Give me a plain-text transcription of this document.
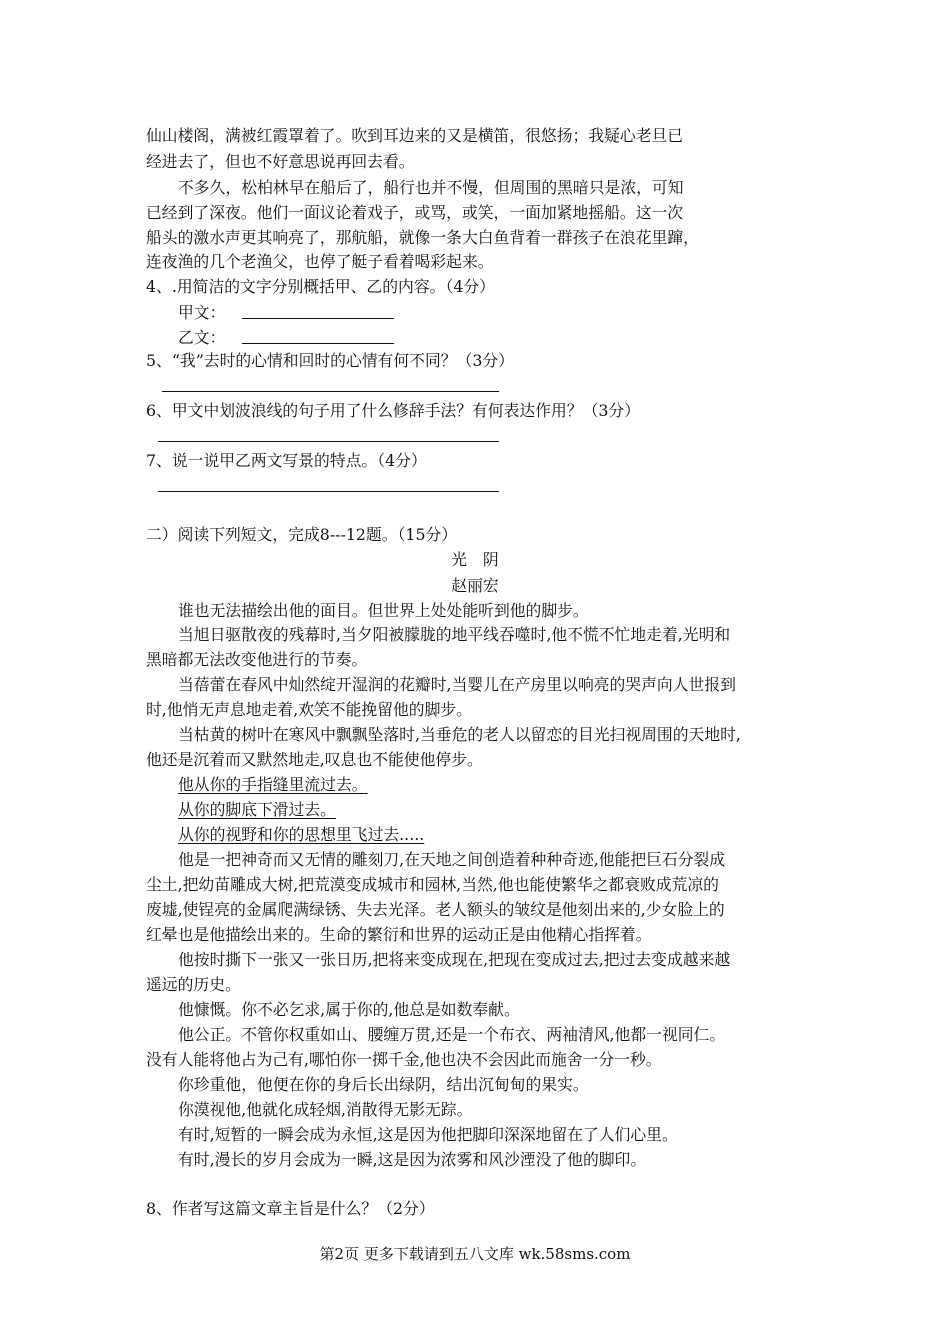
仙山楼阁，满被红霞罩着了。吹到耳边来的又是横笛，很悠扬；我疑心老旦已
经进去了，但也不好意思说再回去看。
不多久，松柏林早在船后了，船行也并不慢，但周围的黑暗只是浓，可知
已经到了深夜。他们一面议论着戏子，或骂，或笑，一面加紧地摇船。这一次
船头的激水声更其响亮了，那航船，就像一条大白鱼背着一群孩子在浪花里蹿，
连夜渔的几个老渔父，也停了艇子看着喝彩起来。
4、.用简洁的文字分别概括甲、乙的内容。（4分）
甲文：
乙文：
5、“我”去时的心情和回时的心情有何不同？（3分）
6、甲文中划波浪线的句子用了什么修辞手法？有何表达作用？（3分）
7、说一说甲乙两文写景的特点。（4分）
二）阅读下列短文，完成8---12题。（15分）
光　阴
赵丽宏
谁也无法描绘出他的面目。但世界上处处能听到他的脚步。
当旭日驱散夜的残幕时,当夕阳被朦胧的地平线吞噬时,他不慌不忙地走着,光明和
黑暗都无法改变他进行的节奏。
当蓓蕾在春风中灿然绽开湿润的花瓣时,当婴儿在产房里以响亮的哭声向人世报到
时,他悄无声息地走着,欢笑不能挽留他的脚步。
当枯黄的树叶在寒风中飘飘坠落时,当垂危的老人以留恋的目光扫视周围的天地时,
他还是沉着而又默然地走,叹息也不能使他停步。
他从你的手指缝里流过去。
从你的脚底下滑过去。
从你的视野和你的思想里飞过去.....
他是一把神奇而又无情的雕刻刀,在天地之间创造着种种奇迹,他能把巨石分裂成
尘土,把幼苗雕成大树,把荒漠变成城市和园林,当然,他也能使繁华之都衰败成荒凉的
废墟,使锃亮的金属爬满绿锈、失去光泽。老人额头的皱纹是他刻出来的,少女脸上的
红晕也是他描绘出来的。生命的繁衍和世界的运动正是由他精心指挥着。
他按时撕下一张又一张日历,把将来变成现在,把现在变成过去,把过去变成越来越
遥远的历史。
他慷慨。你不必乞求,属于你的,他总是如数奉献。
他公正。不管你权重如山、腰缠万贯,还是一个布衣、两袖清风,他都一视同仁。
没有人能将他占为己有,哪怕你一掷千金,他也决不会因此而施舍一分一秒。
你珍重他，他便在你的身后长出绿阴，结出沉甸甸的果实。
你漠视他,他就化成轻烟,消散得无影无踪。
有时,短暂的一瞬会成为永恒,这是因为他把脚印深深地留在了人们心里。
有时,漫长的岁月会成为一瞬,这是因为浓雾和风沙湮没了他的脚印。
8、作者写这篇文章主旨是什么？（2分）
第2页 更多下载请到五八文库 wk.58sms.com
